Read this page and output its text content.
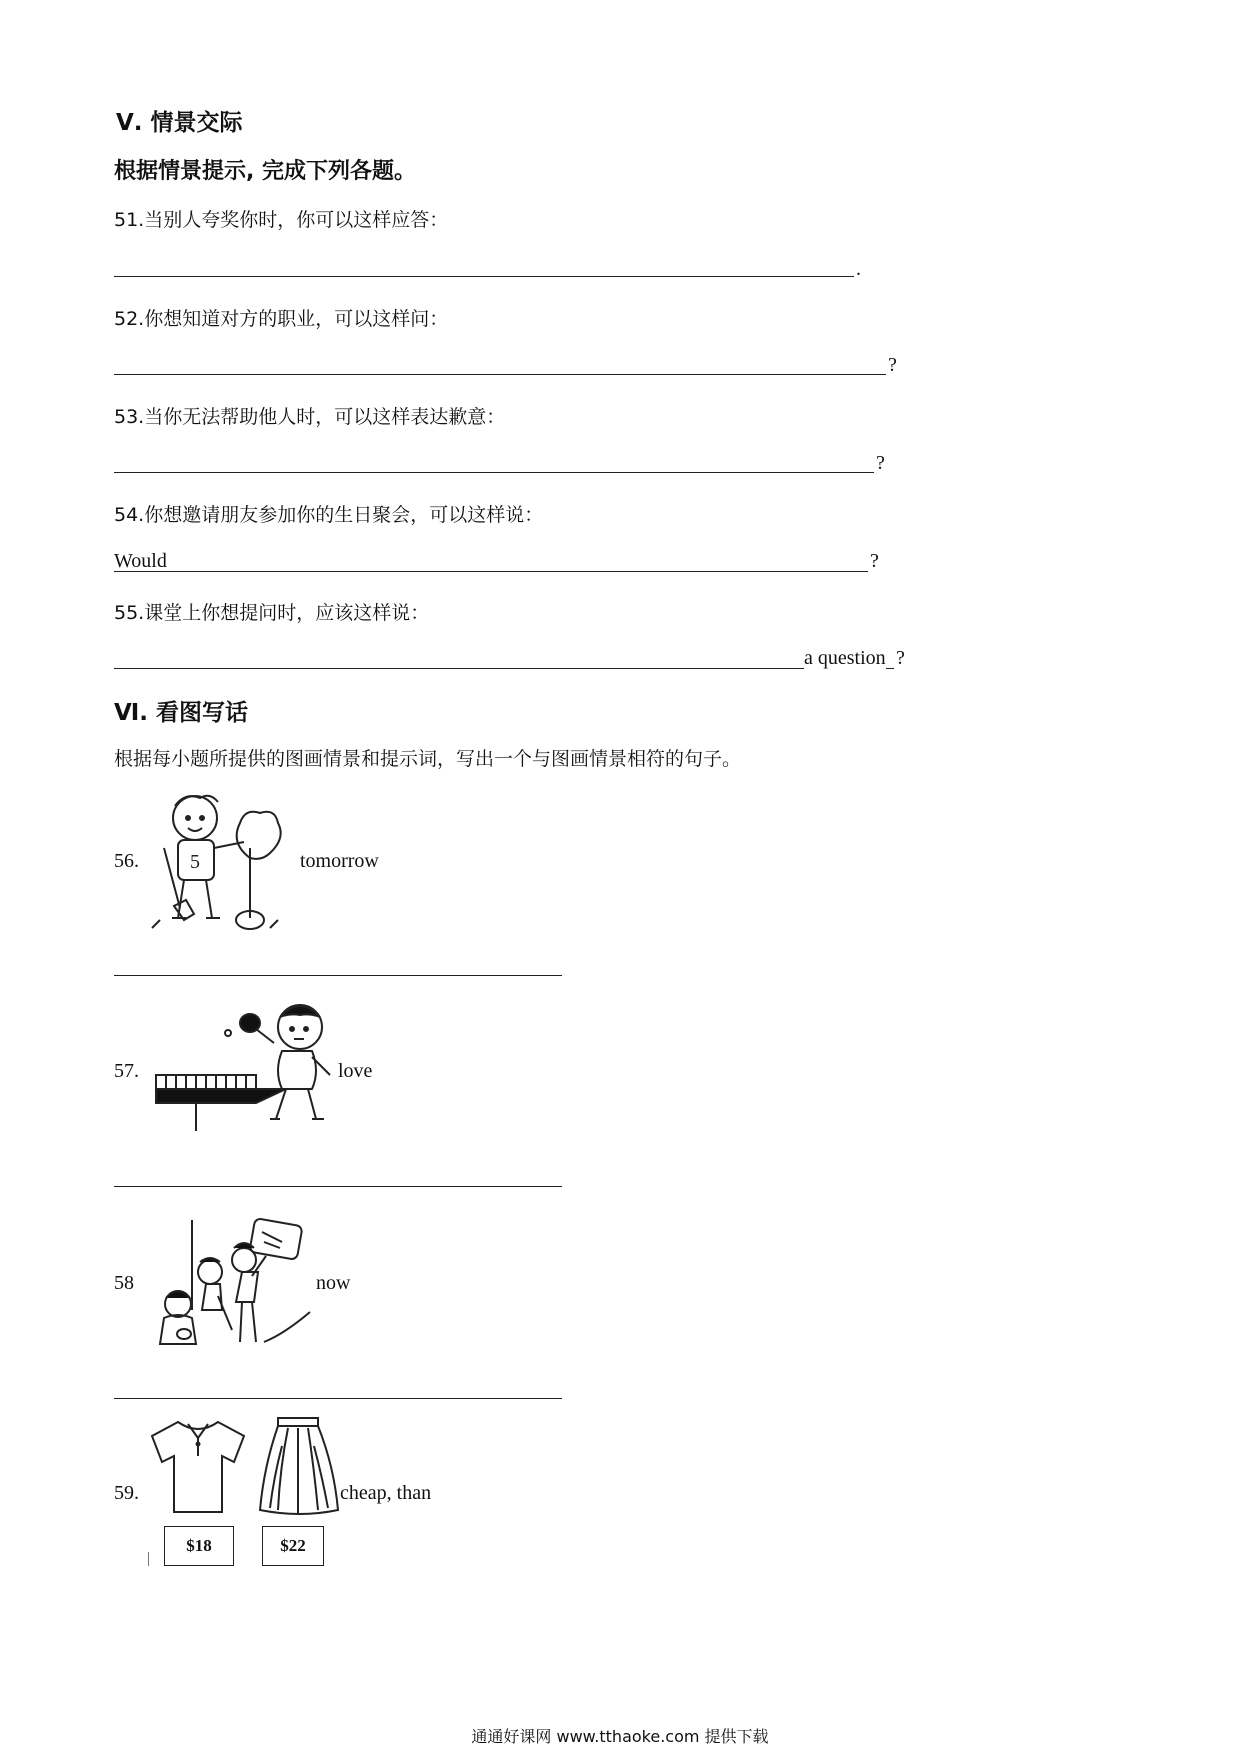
Ⅴ. 情景交际
根据情景提示, 完成下列各题。
51.当别人夸奖你时，你可以这样应答：
.
52.你想知道对方的职业，可以这样问：
?
53.当你无法帮助他人时，可以这样表达歉意：
?
54.你想邀请朋友参加你的生日聚会，可以这样说：
Would	?
55.课堂上你想提问时，应该这样说：
a question ?
Ⅵ. 看图写话
根据每小题所提供的图画情景和提示词，写出一个与图画情景相符的句子。
56.	5	tomorrow
57.	love
58	now
59.	cheap, than
$18	$22
通通好课网 www.tthaoke.com 提供下载
